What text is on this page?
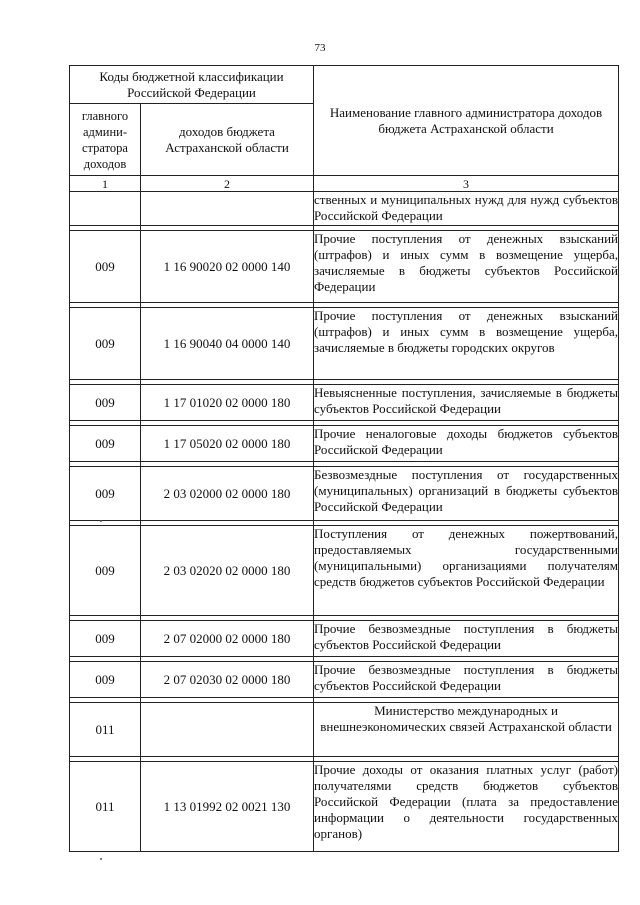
73
Коды бюджетной классификации Российской Федерации		Наименование главного администратора доходов бюджета Астраханской области
главного админи-стратора доходов	доходов бюджета Астраханской области	
1	2	3
		ственных и муниципальных нужд для нужд субъектов Российской Федерации

009	1 16 90020 02 0000 140	Прочие поступления от денежных взысканий (штрафов) и иных сумм в возмещение ущерба, зачисляемые в бюджеты субъектов Российской Федерации

009	1 16 90040 04 0000 140	Прочие поступления от денежных взысканий (штрафов) и иных сумм в возмещение ущерба, зачисляемые в бюджеты городских округов

009	1 17 01020 02 0000 180	Невыясненные поступления, зачисляемые в бюджеты субъектов Российской Федерации

009	1 17 05020 02 0000 180	Прочие неналоговые доходы бюджетов субъектов Российской Федерации

009	2 03 02000 02 0000 180	Безвозмездные поступления от государственных (муниципальных) организаций в бюджеты субъектов Российской Федерации

009	2 03 02020 02 0000 180	Поступления от денежных пожертвований, предоставляемых государственными (муниципальными) организациями получателям средств бюджетов субъектов Российской Федерации

009	2 07 02000 02 0000 180	Прочие безвозмездные поступления в бюджеты субъектов Российской Федерации

009	2 07 02030 02 0000 180	Прочие безвозмездные поступления в бюджеты субъектов Российской Федерации

011		Министерство международных и внешнеэкономических связей Астраханской области

011	1 13 01992 02 0021 130	Прочие доходы от оказания платных услуг (работ) получателями средств бюджетов субъектов Российской Федерации (плата за предоставление информации о деятельности государственных органов)
